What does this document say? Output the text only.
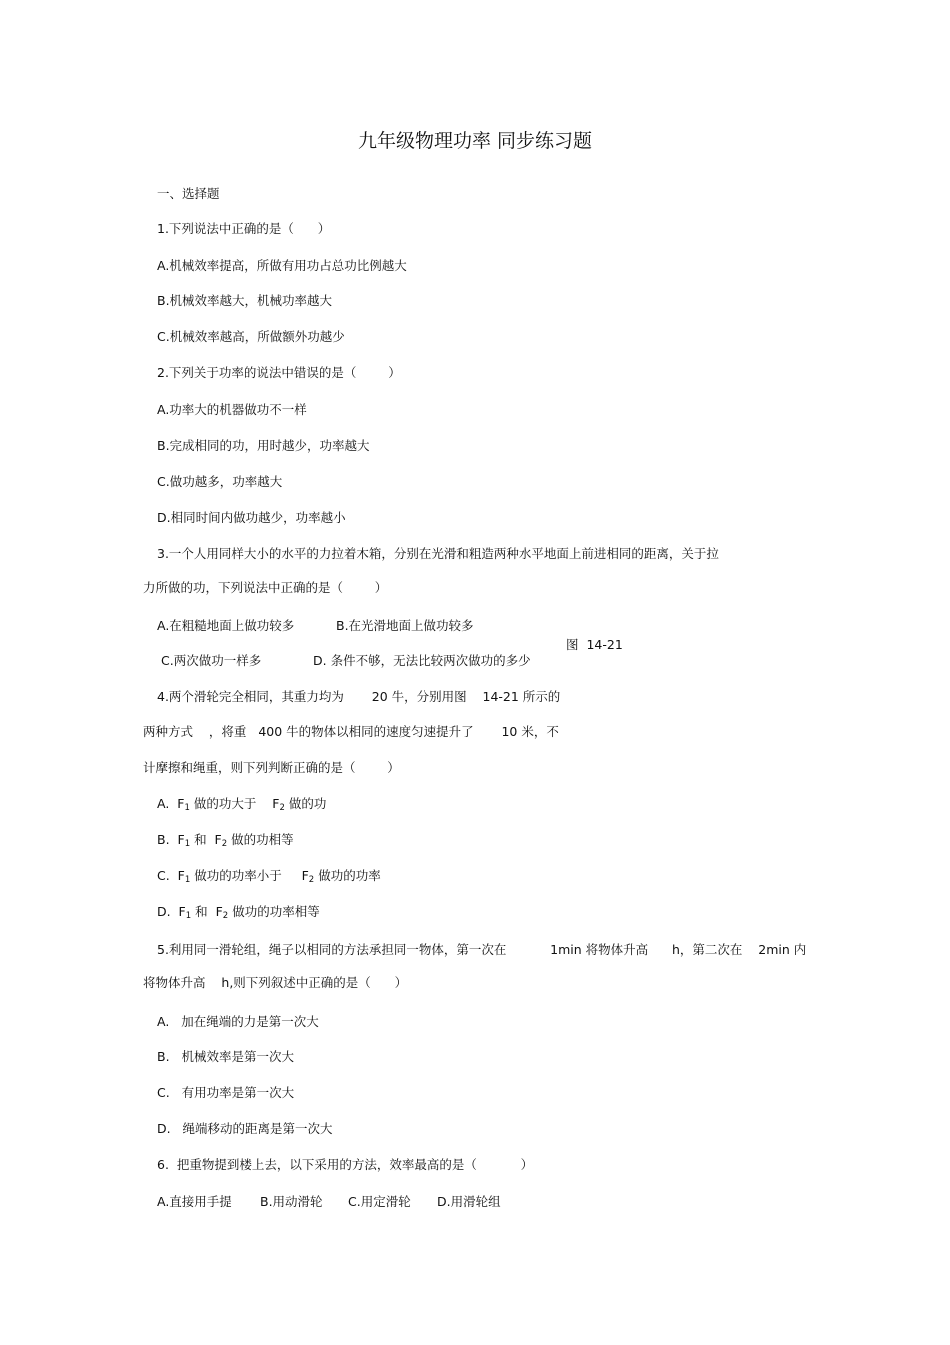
九年级物理功率 同步练习题
一、选择题
1.下列说法中正确的是（      ）
A.机械效率提高，所做有用功占总功比例越大
B.机械效率越大，机械功率越大
C.机械效率越高，所做额外功越少
2.下列关于功率的说法中错误的是（        ）
A.功率大的机器做功不一样
B.完成相同的功，用时越少，功率越大
C.做功越多，功率越大
D.相同时间内做功越少，功率越小
3.一个人用同样大小的水平的力拉着木箱，分别在光滑和粗造两种水平地面上前进相同的距离，关于拉
力所做的功，下列说法中正确的是（        ）
A.在粗糙地面上做功较多	B.在光滑地面上做功较多
图  14-21
C.两次做功一样多	D. 条件不够，无法比较两次做功的多少
4.两个滑轮完全相同，其重力均为       20 牛，分别用图    14-21 所示的
两种方式    ，将重   400 牛的物体以相同的速度匀速提升了       10 米，不
计摩擦和绳重，则下列判断正确的是（        ）
A.  $F_1$ 做的功大于    $F_2$ 做的功
B.  $F_1$ 和  $F_2$ 做的功相等
C.  $F_1$ 做功的功率小于     $F_2$ 做功的功率
D.  $F_1$ 和  $F_2$ 做功的功率相等
5.利用同一滑轮组，绳子以相同的方法承担同一物体，第一次在           1min 将物体升高      h，第二次在    2min 内
将物体升高    h,则下列叙述中正确的是（      ）
A.   加在绳端的力是第一次大
B.   机械效率是第一次大
C.   有用功率是第一次大
D.   绳端移动的距离是第一次大
6.  把重物提到楼上去，以下采用的方法，效率最高的是（           ）
A.直接用手提 B.用动滑轮 C.用定滑轮 D.用滑轮组
